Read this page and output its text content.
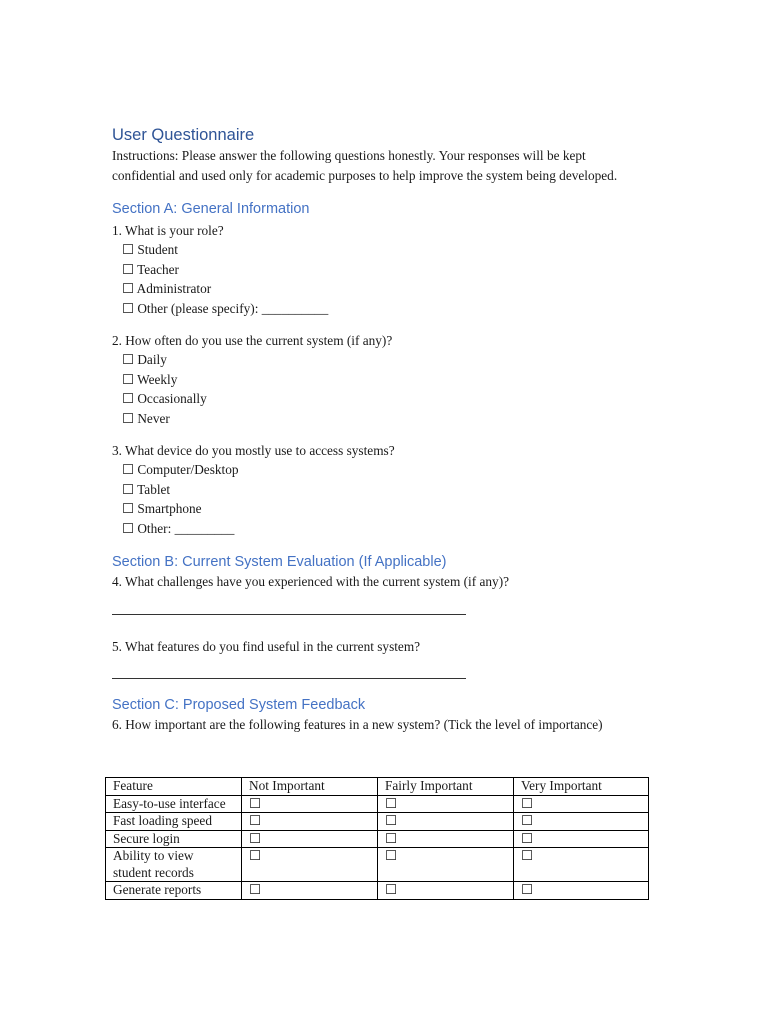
User Questionnaire

Instructions: Please answer the following questions honestly. Your responses will be kept confidential and used only for academic purposes to help improve the system being developed.

Section A: General Information
1. What is your role?
☐ Student
☐ Teacher
☐ Administrator
☐ Other (please specify): __________
2. How often do you use the current system (if any)?
☐ Daily
☐ Weekly
☐ Occasionally
☐ Never
3. What device do you mostly use to access systems?
☐ Computer/Desktop
☐ Tablet
☐ Smartphone
☐ Other: _________
Section B: Current System Evaluation (If Applicable)
4. What challenges have you experienced with the current system (if any)?
5. What features do you find useful in the current system?
Section C: Proposed System Feedback
6. How important are the following features in a new system? (Tick the level of importance)
Feature	Not Important	Fairly Important	Very Important
Easy-to-use interface	☐	☐	☐
Fast loading speed	☐	☐	☐
Secure login	☐	☐	☐
Ability to view student records	☐	☐	☐
Generate reports	☐	☐	☐
